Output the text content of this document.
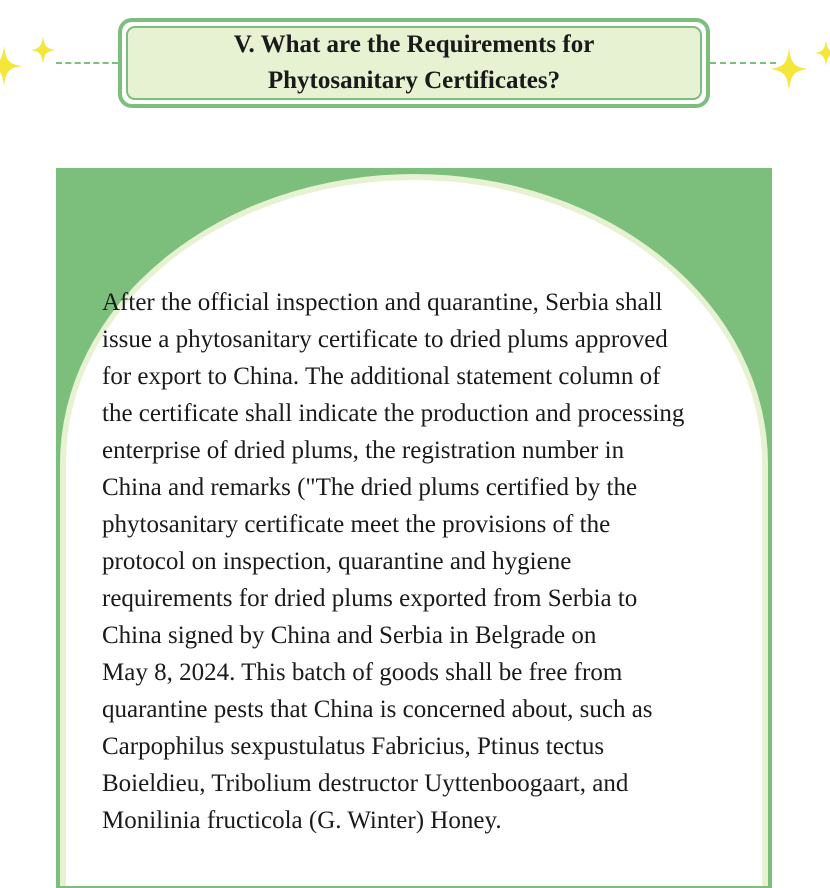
V. What are the Requirements for
Phytosanitary Certificates?

After the official inspection and quarantine, Serbia shall
issue a phytosanitary certificate to dried plums approved
for export to China. The additional statement column of
the certificate shall indicate the production and processing
enterprise of dried plums, the registration number in
China and remarks ("The dried plums certified by the
phytosanitary certificate meet the provisions of the
protocol on inspection, quarantine and hygiene
requirements for dried plums exported from Serbia to
China signed by China and Serbia in Belgrade on
May 8, 2024. This batch of goods shall be free from
quarantine pests that China is concerned about, such as
Carpophilus sexpustulatus Fabricius, Ptinus tectus
Boieldieu, Tribolium destructor Uyttenboogaart, and
Monilinia fructicola (G. Winter) Honey.
